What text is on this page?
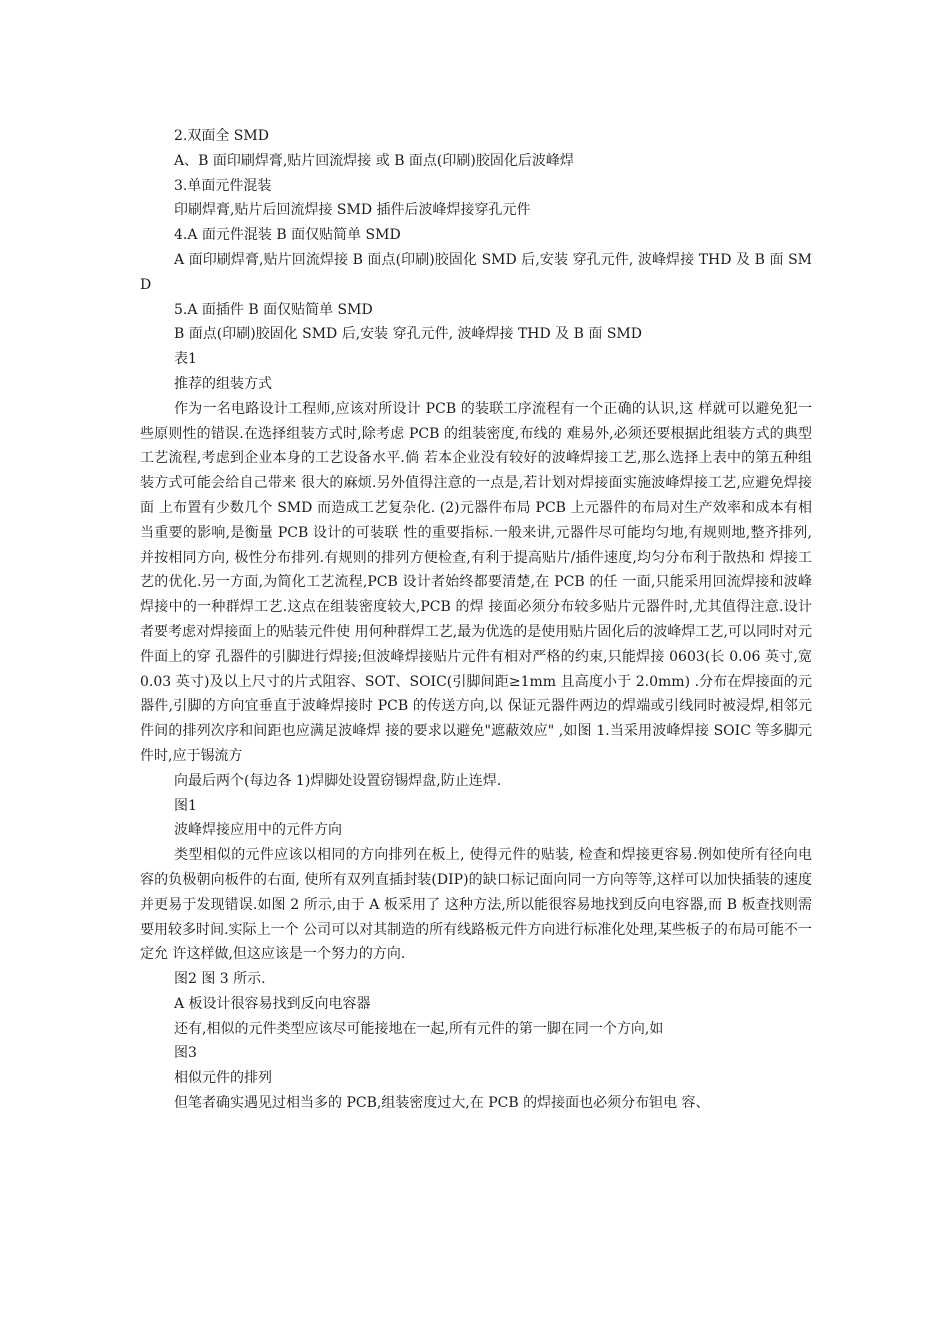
2.双面全 SMD

A、B 面印刷焊膏,贴片回流焊接 或 B 面点(印刷)胶固化后波峰焊

3.单面元件混装

印刷焊膏,贴片后回流焊接 SMD 插件后波峰焊接穿孔元件

4.A 面元件混装 B 面仅贴简单 SMD

A 面印刷焊膏,贴片回流焊接 B 面点(印刷)胶固化 SMD 后,安装 穿孔元件, 波峰焊接 THD 及 B 面 SMD

5.A 面插件 B 面仅贴简单 SMD

B 面点(印刷)胶固化 SMD 后,安装 穿孔元件, 波峰焊接 THD 及 B 面 SMD

表1

推荐的组装方式

作为一名电路设计工程师,应该对所设计 PCB 的装联工序流程有一个正确的认识,这 样就可以避免犯一些原则性的错误.在选择组装方式时,除考虑 PCB 的组装密度,布线的 难易外,必须还要根据此组装方式的典型工艺流程,考虑到企业本身的工艺设备水平.倘 若本企业没有较好的波峰焊接工艺,那么选择上表中的第五种组装方式可能会给自己带来 很大的麻烦.另外值得注意的一点是,若计划对焊接面实施波峰焊接工艺,应避免焊接面 上布置有少数几个 SMD 而造成工艺复杂化. (2)元器件布局 PCB 上元器件的布局对生产效率和成本有相当重要的影响,是衡量 PCB 设计的可装联 性的重要指标.一般来讲,元器件尽可能均匀地,有规则地,整齐排列,并按相同方向, 极性分布排列.有规则的排列方便检查,有利于提高贴片/插件速度,均匀分布利于散热和 焊接工艺的优化.另一方面,为简化工艺流程,PCB 设计者始终都要清楚,在 PCB 的任 一面,只能采用回流焊接和波峰焊接中的一种群焊工艺.这点在组装密度较大,PCB 的焊 接面必须分布较多贴片元器件时,尤其值得注意.设计者要考虑对焊接面上的贴装元件使 用何种群焊工艺,最为优选的是使用贴片固化后的波峰焊工艺,可以同时对元件面上的穿 孔器件的引脚进行焊接;但波峰焊接贴片元件有相对严格的约束,只能焊接 0603(长 0.06 英寸,宽 0.03 英寸)及以上尺寸的片式阻容、SOT、SOIC(引脚间距≥1mm 且高度小于 2.0mm) .分布在焊接面的元器件,引脚的方向宜垂直于波峰焊接时 PCB 的传送方向,以 保证元器件两边的焊端或引线同时被浸焊,相邻元件间的排列次序和间距也应满足波峰焊 接的要求以避免"遮蔽效应" ,如图 1.当采用波峰焊接 SOIC 等多脚元件时,应于锡流方

向最后两个(每边各 1)焊脚处设置窃锡焊盘,防止连焊.

图1

波峰焊接应用中的元件方向

类型相似的元件应该以相同的方向排列在板上, 使得元件的贴装, 检查和焊接更容易.例如使所有径向电容的负极朝向板件的右面, 使所有双列直插封装(DIP)的缺口标记面向同一方向等等,这样可以加快插装的速度并更易于发现错误.如图 2 所示,由于 A 板采用了 这种方法,所以能很容易地找到反向电容器,而 B 板查找则需要用较多时间.实际上一个 公司可以对其制造的所有线路板元件方向进行标准化处理,某些板子的布局可能不一定允 许这样做,但这应该是一个努力的方向.

图2 图 3 所示.

A 板设计很容易找到反向电容器

还有,相似的元件类型应该尽可能接地在一起,所有元件的第一脚在同一个方向,如

图3

相似元件的排列

但笔者确实遇见过相当多的 PCB,组装密度过大,在 PCB 的焊接面也必须分布钽电 容、
